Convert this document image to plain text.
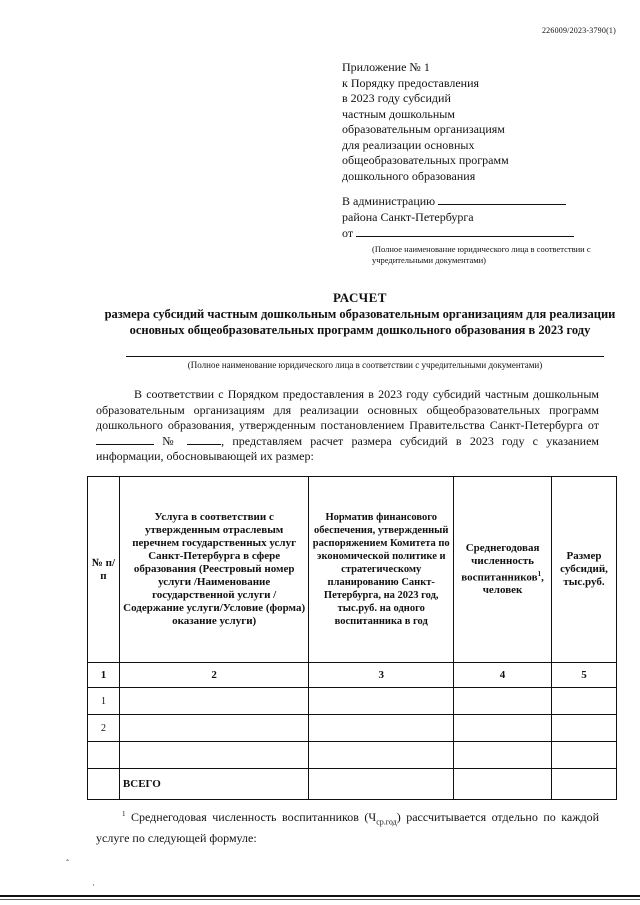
226009/2023-3790(1)
Приложение № 1
к Порядку предоставления
в 2023 году субсидий
частным дошкольным
образовательным организациям
для реализации основных
общеобразовательных программ
дошкольного образования
В администрацию
района Санкт-Петербурга
от
(Полное наименование юридического лица в соответствии с учредительными документами)
РАСЧЕТ
размера субсидий частным дошкольным образовательным организациям для реализации основных общеобразовательных программ дошкольного образования в 2023 году
(Полное наименование юридического лица в соответствии с учредительными документами)

В соответствии с Порядком предоставления в 2023 году субсидий частным дошкольным образовательным организациям для реализации основных общеобразовательных программ дошкольного образования, утвержденным постановлением Правительства Санкт-Петербурга от  №	, представляем расчет размера субсидий в 2023 году с указанием информации, обосновывающей их размер:

№ п/п	Услуга в соответствии с утвержденным отраслевым перечнем государственных услуг Санкт-Петербурга в сфере образования (Реестровый номер услуги /Наименование государственной услуги /Содержание услуги/Условие (форма) оказание услуги)	Норматив финансового обеспечения, утвержденный распоряжением Комитета по экономической политике и стратегическому планированию Санкт-Петербурга, на 2023 год, тыс.руб. на одного воспитанника в год	Среднегодовая численность воспитанников$^1$, человек	Размер субсидий, тыс.руб.
1	2	3	4	5
1				
2				

	ВСЕГО			

$^1$ Среднегодовая численность воспитанников $(Ч_{ср.год})$ рассчитывается отдельно по каждой услуге по следующей формуле:

ˆ
·
